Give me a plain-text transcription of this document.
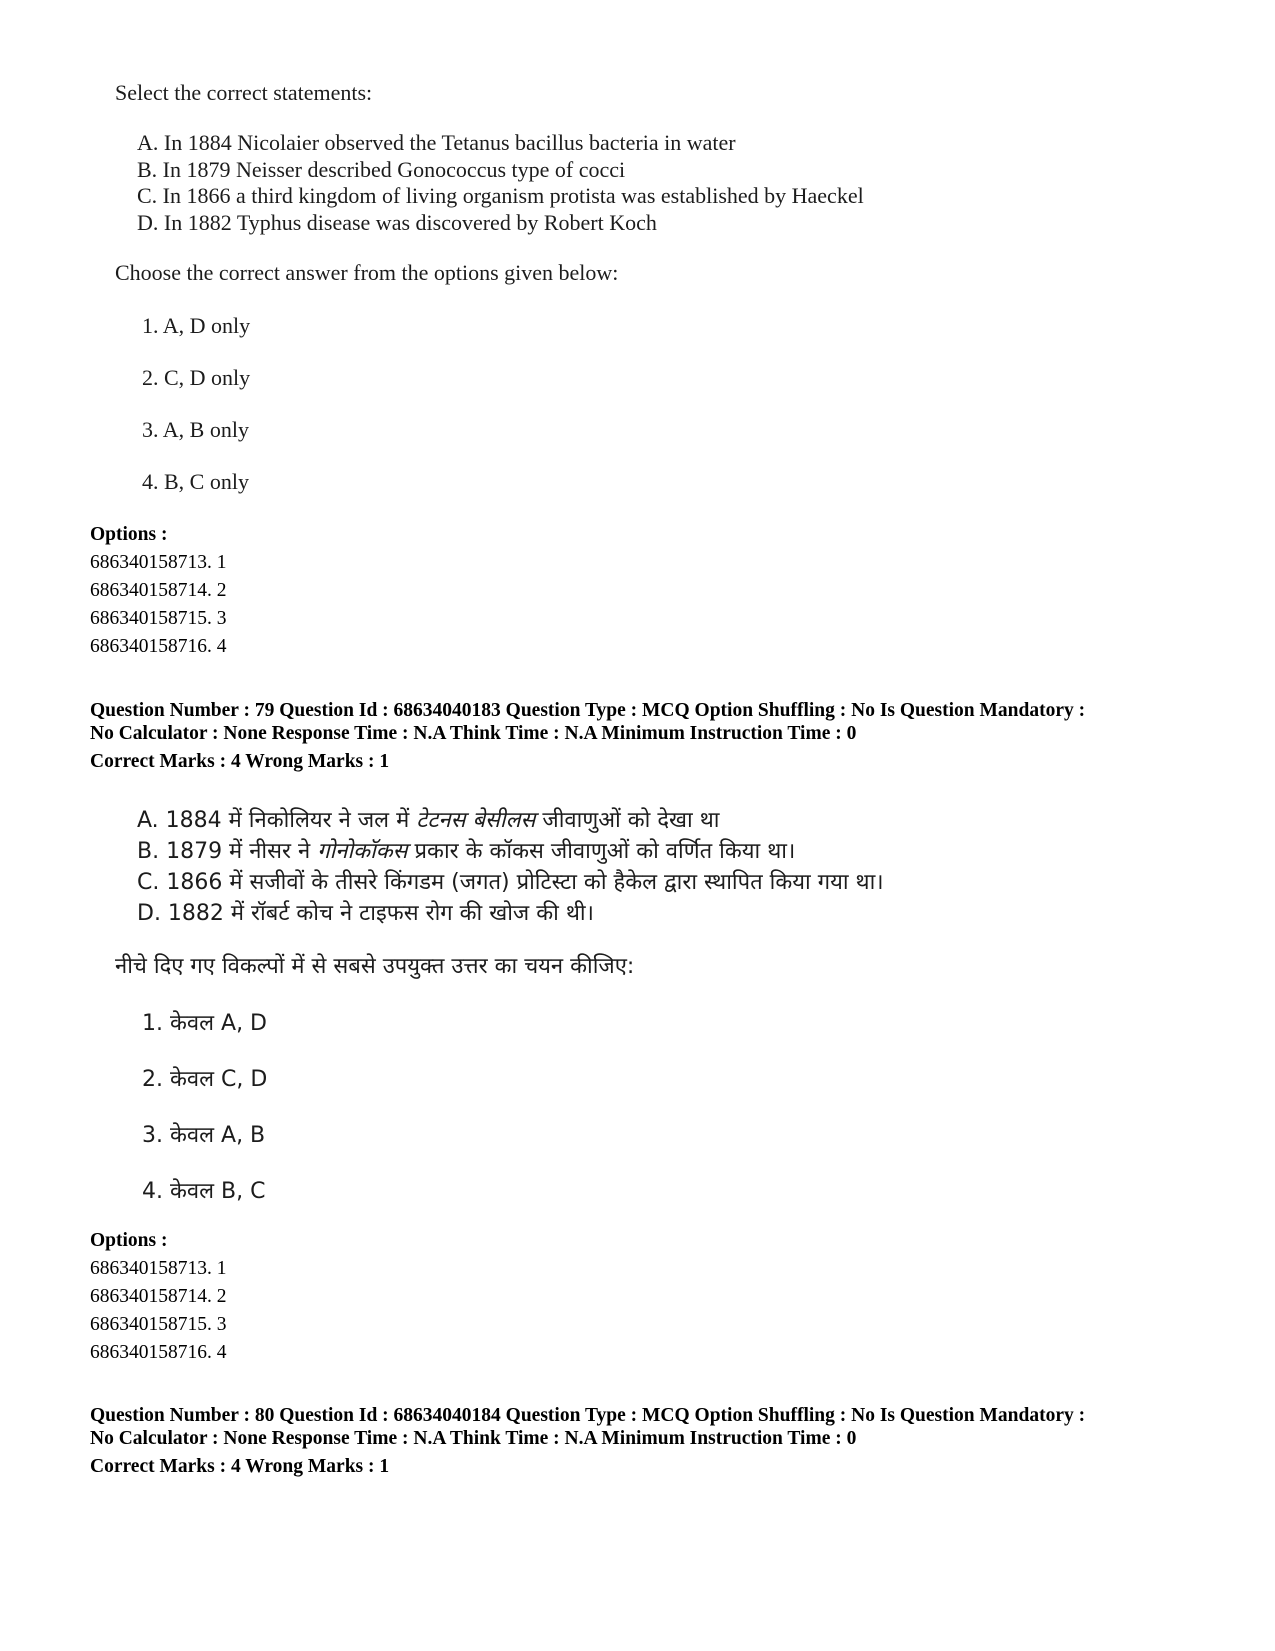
Select the correct statements:
A. In 1884 Nicolaier observed the Tetanus bacillus bacteria in water
B. In 1879 Neisser described Gonococcus type of cocci
C. In 1866 a third kingdom of living organism protista was established by Haeckel
D. In 1882 Typhus disease was discovered by Robert Koch
Choose the correct answer from the options given below:
1. A, D only
2. C, D only
3. A, B only
4. B, C only
Options :
686340158713. 1
686340158714. 2
686340158715. 3
686340158716. 4
Question Number : 79 Question Id : 68634040183 Question Type : MCQ Option Shuffling : No Is Question Mandatory :
No Calculator : None Response Time : N.A Think Time : N.A Minimum Instruction Time : 0
Correct Marks : 4 Wrong Marks : 1
A. 1884 में निकोलियर ने जल में टेटनस बेसीलस जीवाणुओं को देखा था
B. 1879 में नीसर ने गोनोकॉकस प्रकार के कॉकस जीवाणुओं को वर्णित किया था।
C. 1866 में सजीवों के तीसरे किंगडम (जगत) प्रोटिस्टा को हैकेल द्वारा स्थापित किया गया था।
D. 1882 में रॉबर्ट कोच ने टाइफस रोग की खोज की थी।
नीचे दिए गए विकल्पों में से सबसे उपयुक्त उत्तर का चयन कीजिए:
1. केवल A, D
2. केवल C, D
3. केवल A, B
4. केवल B, C
Options :
686340158713. 1
686340158714. 2
686340158715. 3
686340158716. 4
Question Number : 80 Question Id : 68634040184 Question Type : MCQ Option Shuffling : No Is Question Mandatory :
No Calculator : None Response Time : N.A Think Time : N.A Minimum Instruction Time : 0
Correct Marks : 4 Wrong Marks : 1
